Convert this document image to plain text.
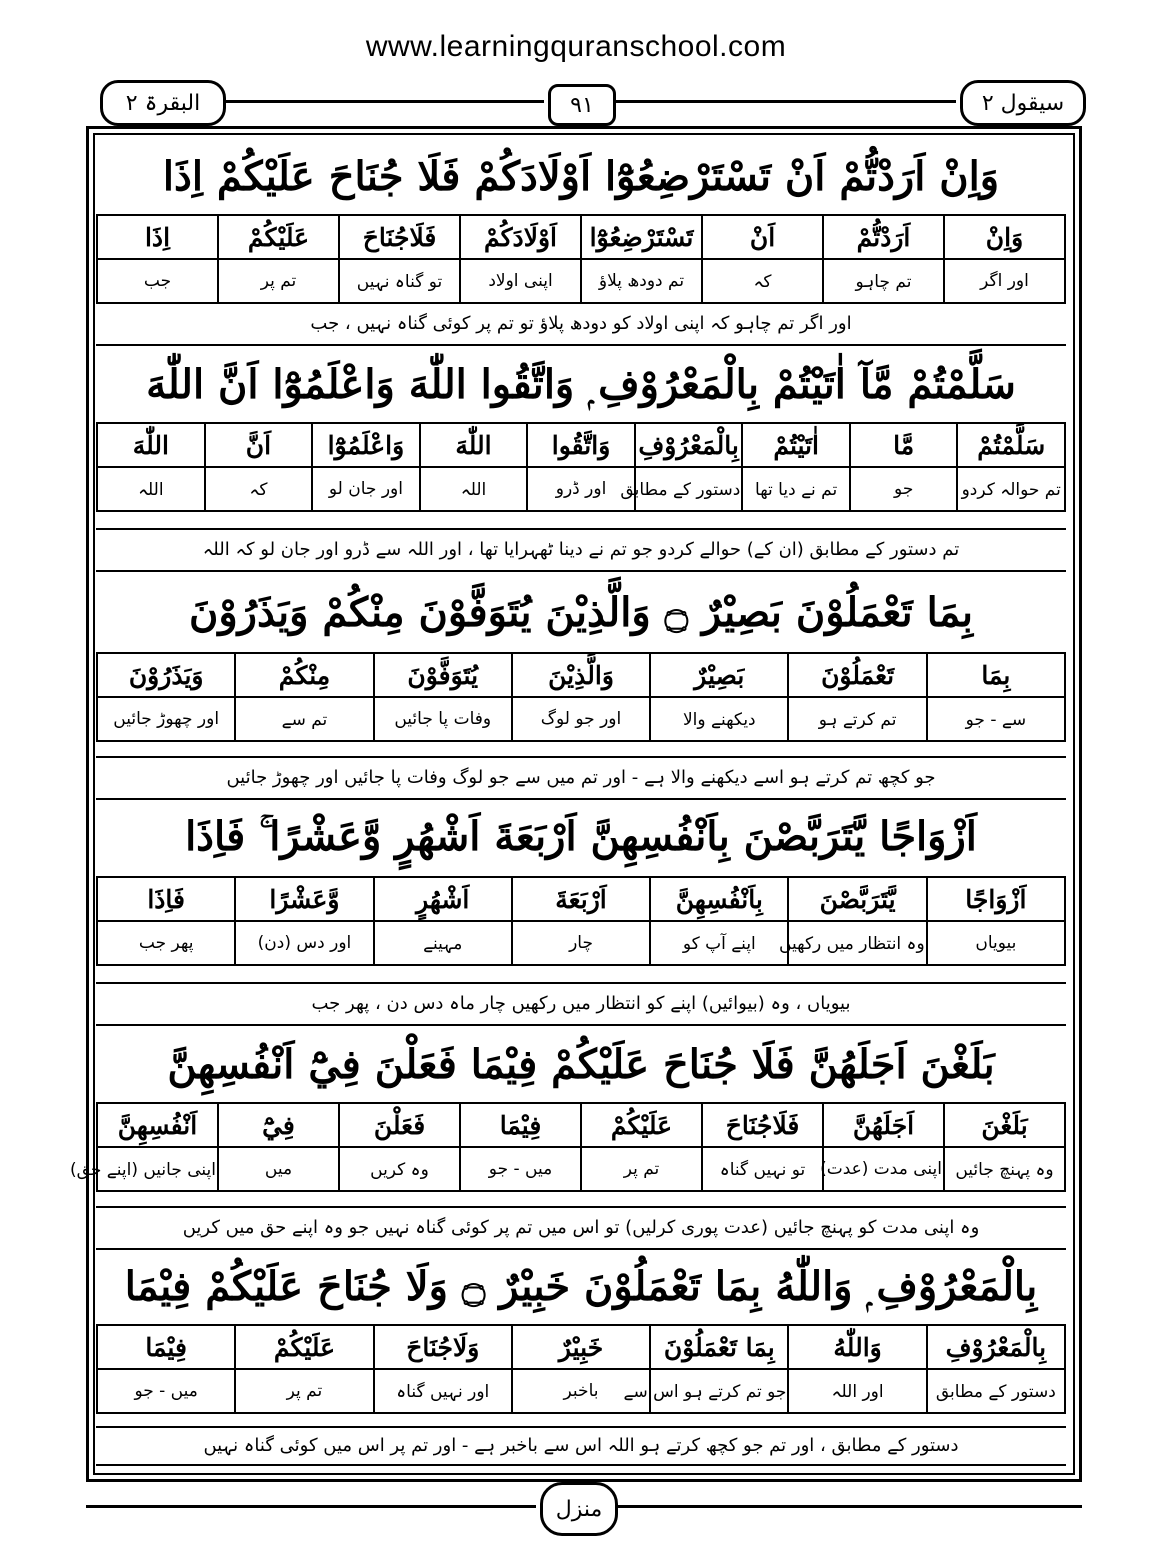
www.learningquranschool.com
البقرۃ ۲	۹۱	سیقول ۲
وَاِنْ اَرَدْتُّمْ اَنْ تَسْتَرْضِعُوْٓا اَوْلَادَكُمْ فَلَا جُنَاحَ عَلَيْكُمْ اِذَا
وَاِنْ	اَرَدْتُّمْ	اَنْ	تَسْتَرْضِعُوْٓا	اَوْلَادَكُمْ	فَلَاجُنَاحَ	عَلَيْكُمْ	اِذَا
اور اگر	تم چاہو	کہ	تم دودھ پلاؤ	اپنی اولاد	تو گناہ نہیں	تم پر	جب
اور اگر تم چاہو کہ اپنی اولاد کو دودھ پلاؤ تو تم پر کوئی گناہ نہیں ، جب
سَلَّمْتُمْ مَّآ اٰتَيْتُمْ بِالْمَعْرُوْفِ ۭ وَاتَّقُوا اللّٰهَ وَاعْلَمُوْٓا اَنَّ اللّٰهَ
سَلَّمْتُمْ	مَّا	اٰتَيْتُمْ	بِالْمَعْرُوْفِ	وَاتَّقُوا	اللّٰهَ	وَاعْلَمُوْٓا	اَنَّ	اللّٰهَ
تم حوالہ کردو	جو	تم نے دیا تھا	دستور کے مطابق	اور ڈرو	اللہ	اور جان لو	کہ	اللہ
تم دستور کے مطابق (ان کے) حوالے کردو جو تم نے دینا ٹھہرایا تھا ، اور اللہ سے ڈرو اور جان لو کہ اللہ
بِمَا تَعْمَلُوْنَ بَصِيْرٌ ۝ وَالَّذِيْنَ يُتَوَفَّوْنَ مِنْكُمْ وَيَذَرُوْنَ
بِمَا	تَعْمَلُوْنَ	بَصِيْرٌ	وَالَّذِيْنَ	يُتَوَفَّوْنَ	مِنْكُمْ	وَيَذَرُوْنَ
سے - جو	تم کرتے ہو	دیکھنے والا	اور جو لوگ	وفات پا جائیں	تم سے	اور چھوڑ جائیں
جو کچھ تم کرتے ہو اسے دیکھنے والا ہے - اور تم میں سے جو لوگ وفات پا جائیں اور چھوڑ جائیں
اَزْوَاجًا يَّتَرَبَّصْنَ بِاَنْفُسِهِنَّ اَرْبَعَةَ اَشْهُرٍ وَّعَشْرًا ۚ فَاِذَا
اَزْوَاجًا	يَّتَرَبَّصْنَ	بِاَنْفُسِهِنَّ	اَرْبَعَةَ	اَشْهُرٍ	وَّعَشْرًا	فَاِذَا
بیویاں	وہ انتظار میں رکھیں	اپنے آپ کو	چار	مہینے	اور دس (دن)	پھر جب
بیویاں ، وہ (بیوائیں) اپنے کو انتظار میں رکھیں چار ماہ دس دن ، پھر جب
بَلَغْنَ اَجَلَهُنَّ فَلَا جُنَاحَ عَلَيْكُمْ فِيْمَا فَعَلْنَ فِيْٓ اَنْفُسِهِنَّ
بَلَغْنَ	اَجَلَهُنَّ	فَلَاجُنَاحَ	عَلَيْكُمْ	فِيْمَا	فَعَلْنَ	فِيْٓ	اَنْفُسِهِنَّ
وہ پہنچ جائیں	اپنی مدت (عدت)	تو نہیں گناہ	تم پر	میں - جو	وہ کریں	میں	اپنی جانیں (اپنے حق)
وہ اپنی مدت کو پہنچ جائیں (عدت پوری کرلیں) تو اس میں تم پر کوئی گناہ نہیں جو وہ اپنے حق میں کریں
بِالْمَعْرُوْفِ ۭ وَاللّٰهُ بِمَا تَعْمَلُوْنَ خَبِيْرٌ ۝ وَلَا جُنَاحَ عَلَيْكُمْ فِيْمَا
بِالْمَعْرُوْفِ	وَاللّٰهُ	بِمَا تَعْمَلُوْنَ	خَبِيْرٌ	وَلَاجُنَاحَ	عَلَيْكُمْ	فِيْمَا
دستور کے مطابق	اور اللہ	جو تم کرتے ہو اس سے	باخبر	اور نہیں گناہ	تم پر	میں - جو
دستور کے مطابق ، اور تم جو کچھ کرتے ہو اللہ اس سے باخبر ہے - اور تم پر اس میں کوئی گناہ نہیں
منزل
